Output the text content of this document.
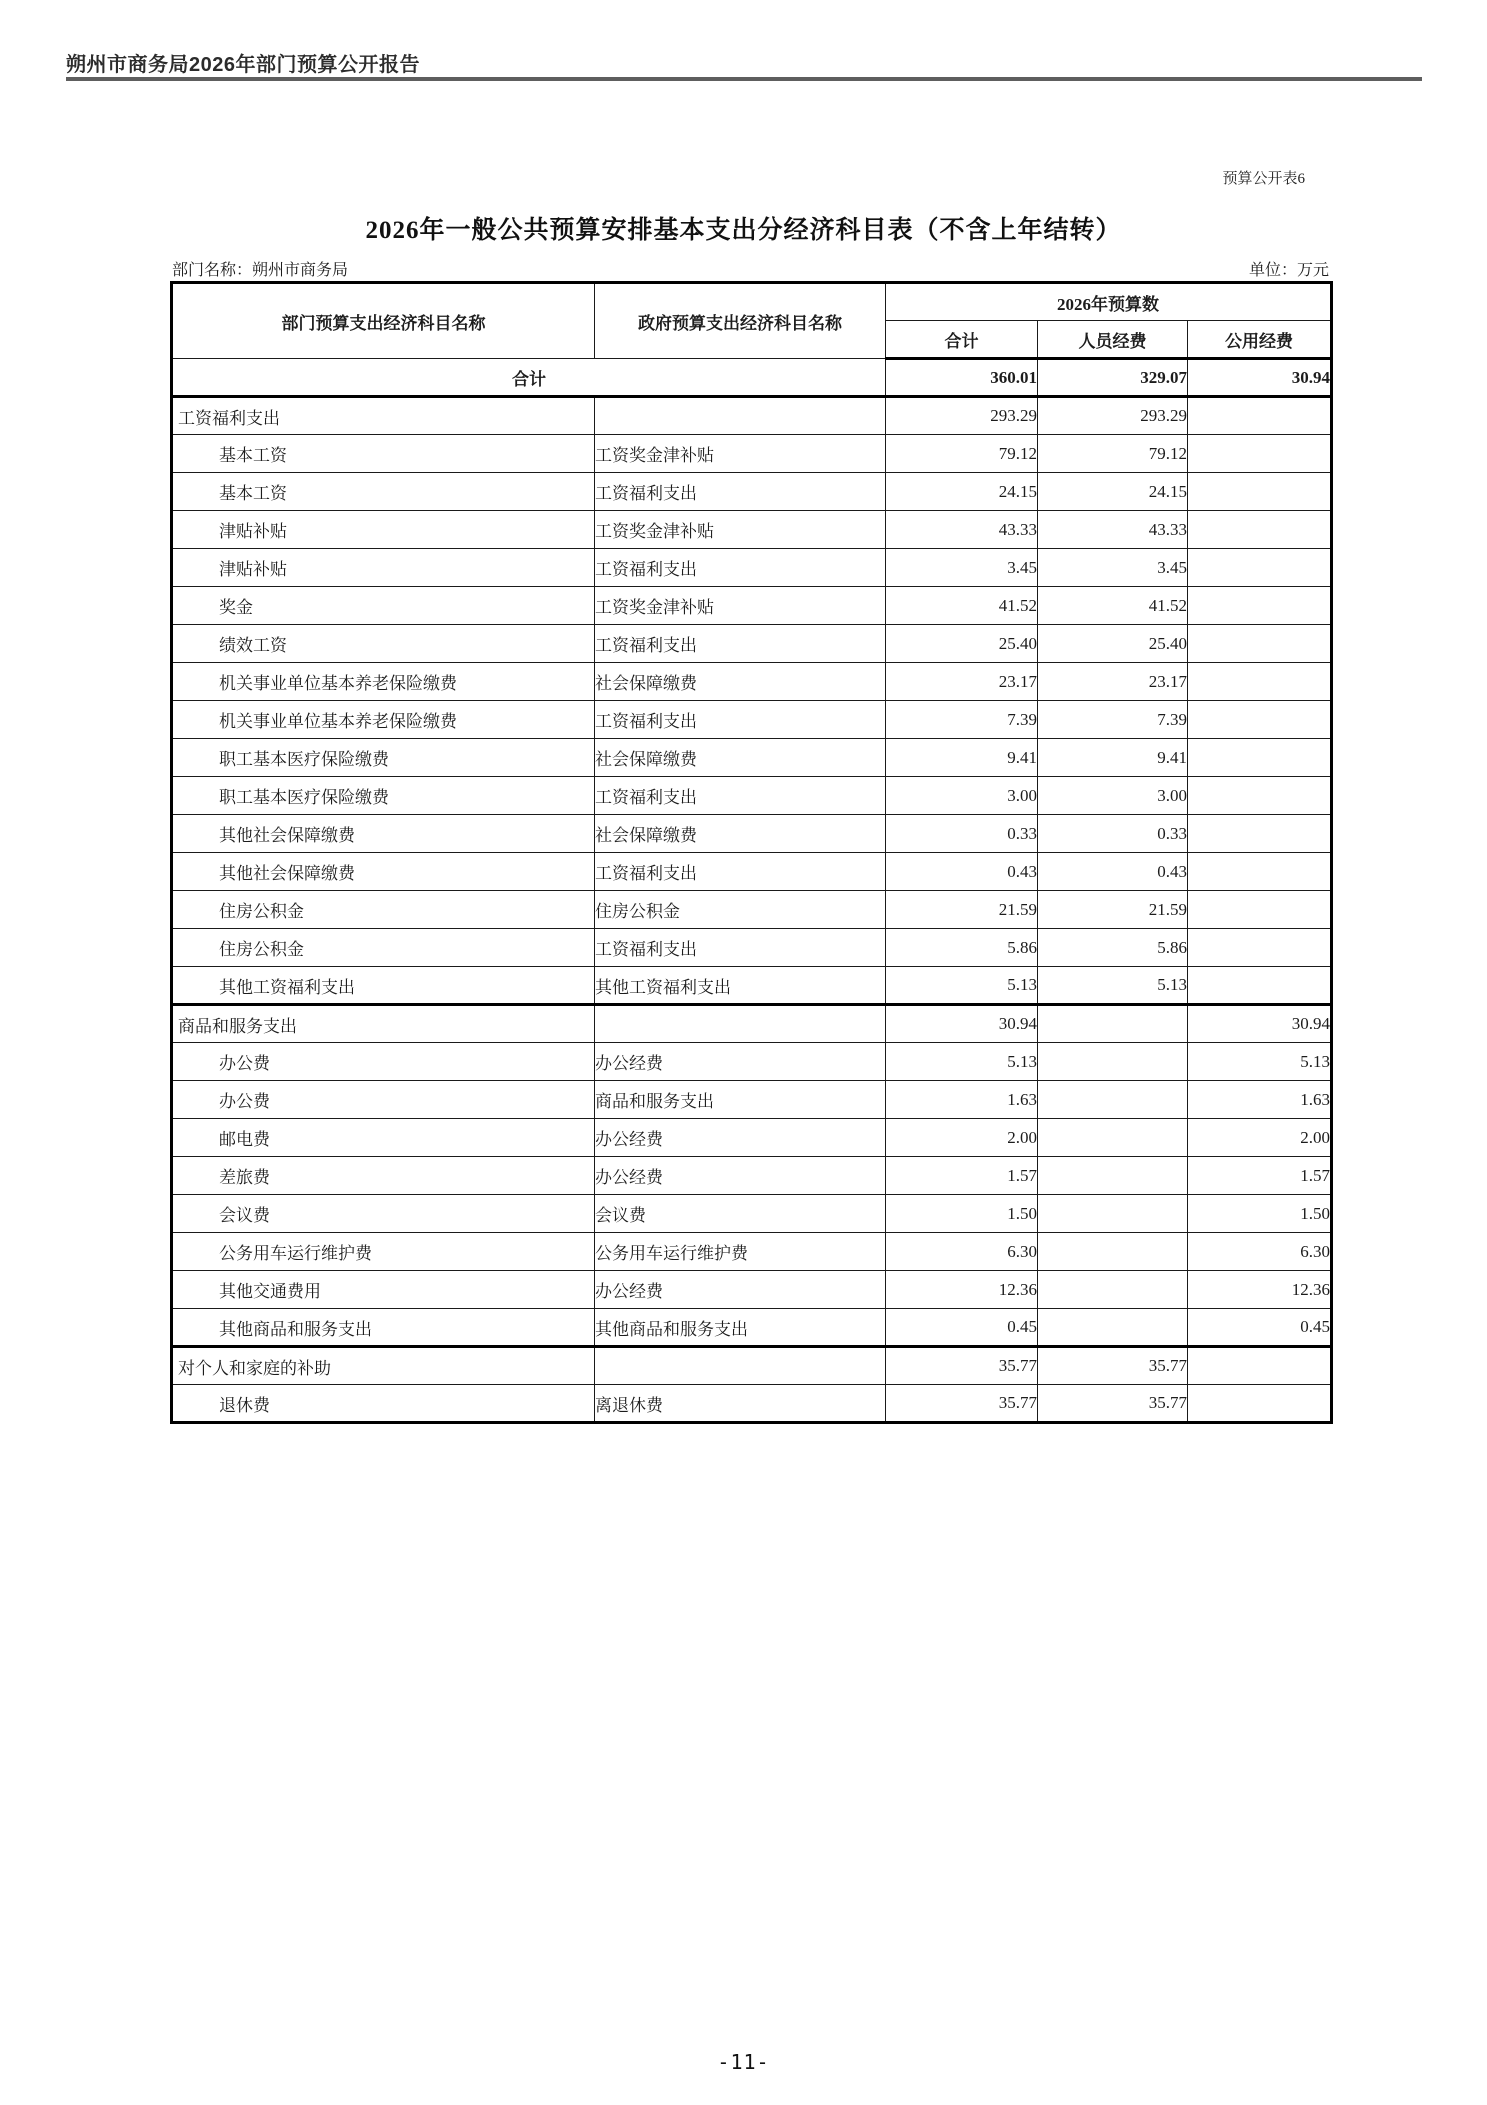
朔州市商务局2026年部门预算公开报告
预算公开表6
2026年一般公共预算安排基本支出分经济科目表（不含上年结转）
部门名称：朔州市商务局	单位：万元
部门预算支出经济科目名称	政府预算支出经济科目名称	2026年预算数		
		合计	人员经费	公用经费
合计		360.01	329.07	30.94
工资福利支出		293.29	293.29	
基本工资	工资奖金津补贴	79.12	79.12	
基本工资	工资福利支出	24.15	24.15	
津贴补贴	工资奖金津补贴	43.33	43.33	
津贴补贴	工资福利支出	3.45	3.45	
奖金	工资奖金津补贴	41.52	41.52	
绩效工资	工资福利支出	25.40	25.40	
机关事业单位基本养老保险缴费	社会保障缴费	23.17	23.17	
机关事业单位基本养老保险缴费	工资福利支出	7.39	7.39	
职工基本医疗保险缴费	社会保障缴费	9.41	9.41	
职工基本医疗保险缴费	工资福利支出	3.00	3.00	
其他社会保障缴费	社会保障缴费	0.33	0.33	
其他社会保障缴费	工资福利支出	0.43	0.43	
住房公积金	住房公积金	21.59	21.59	
住房公积金	工资福利支出	5.86	5.86	
其他工资福利支出	其他工资福利支出	5.13	5.13	
商品和服务支出		30.94		30.94
办公费	办公经费	5.13		5.13
办公费	商品和服务支出	1.63		1.63
邮电费	办公经费	2.00		2.00
差旅费	办公经费	1.57		1.57
会议费	会议费	1.50		1.50
公务用车运行维护费	公务用车运行维护费	6.30		6.30
其他交通费用	办公经费	12.36		12.36
其他商品和服务支出	其他商品和服务支出	0.45		0.45
对个人和家庭的补助		35.77	35.77	
退休费	离退休费	35.77	35.77	
-11-
